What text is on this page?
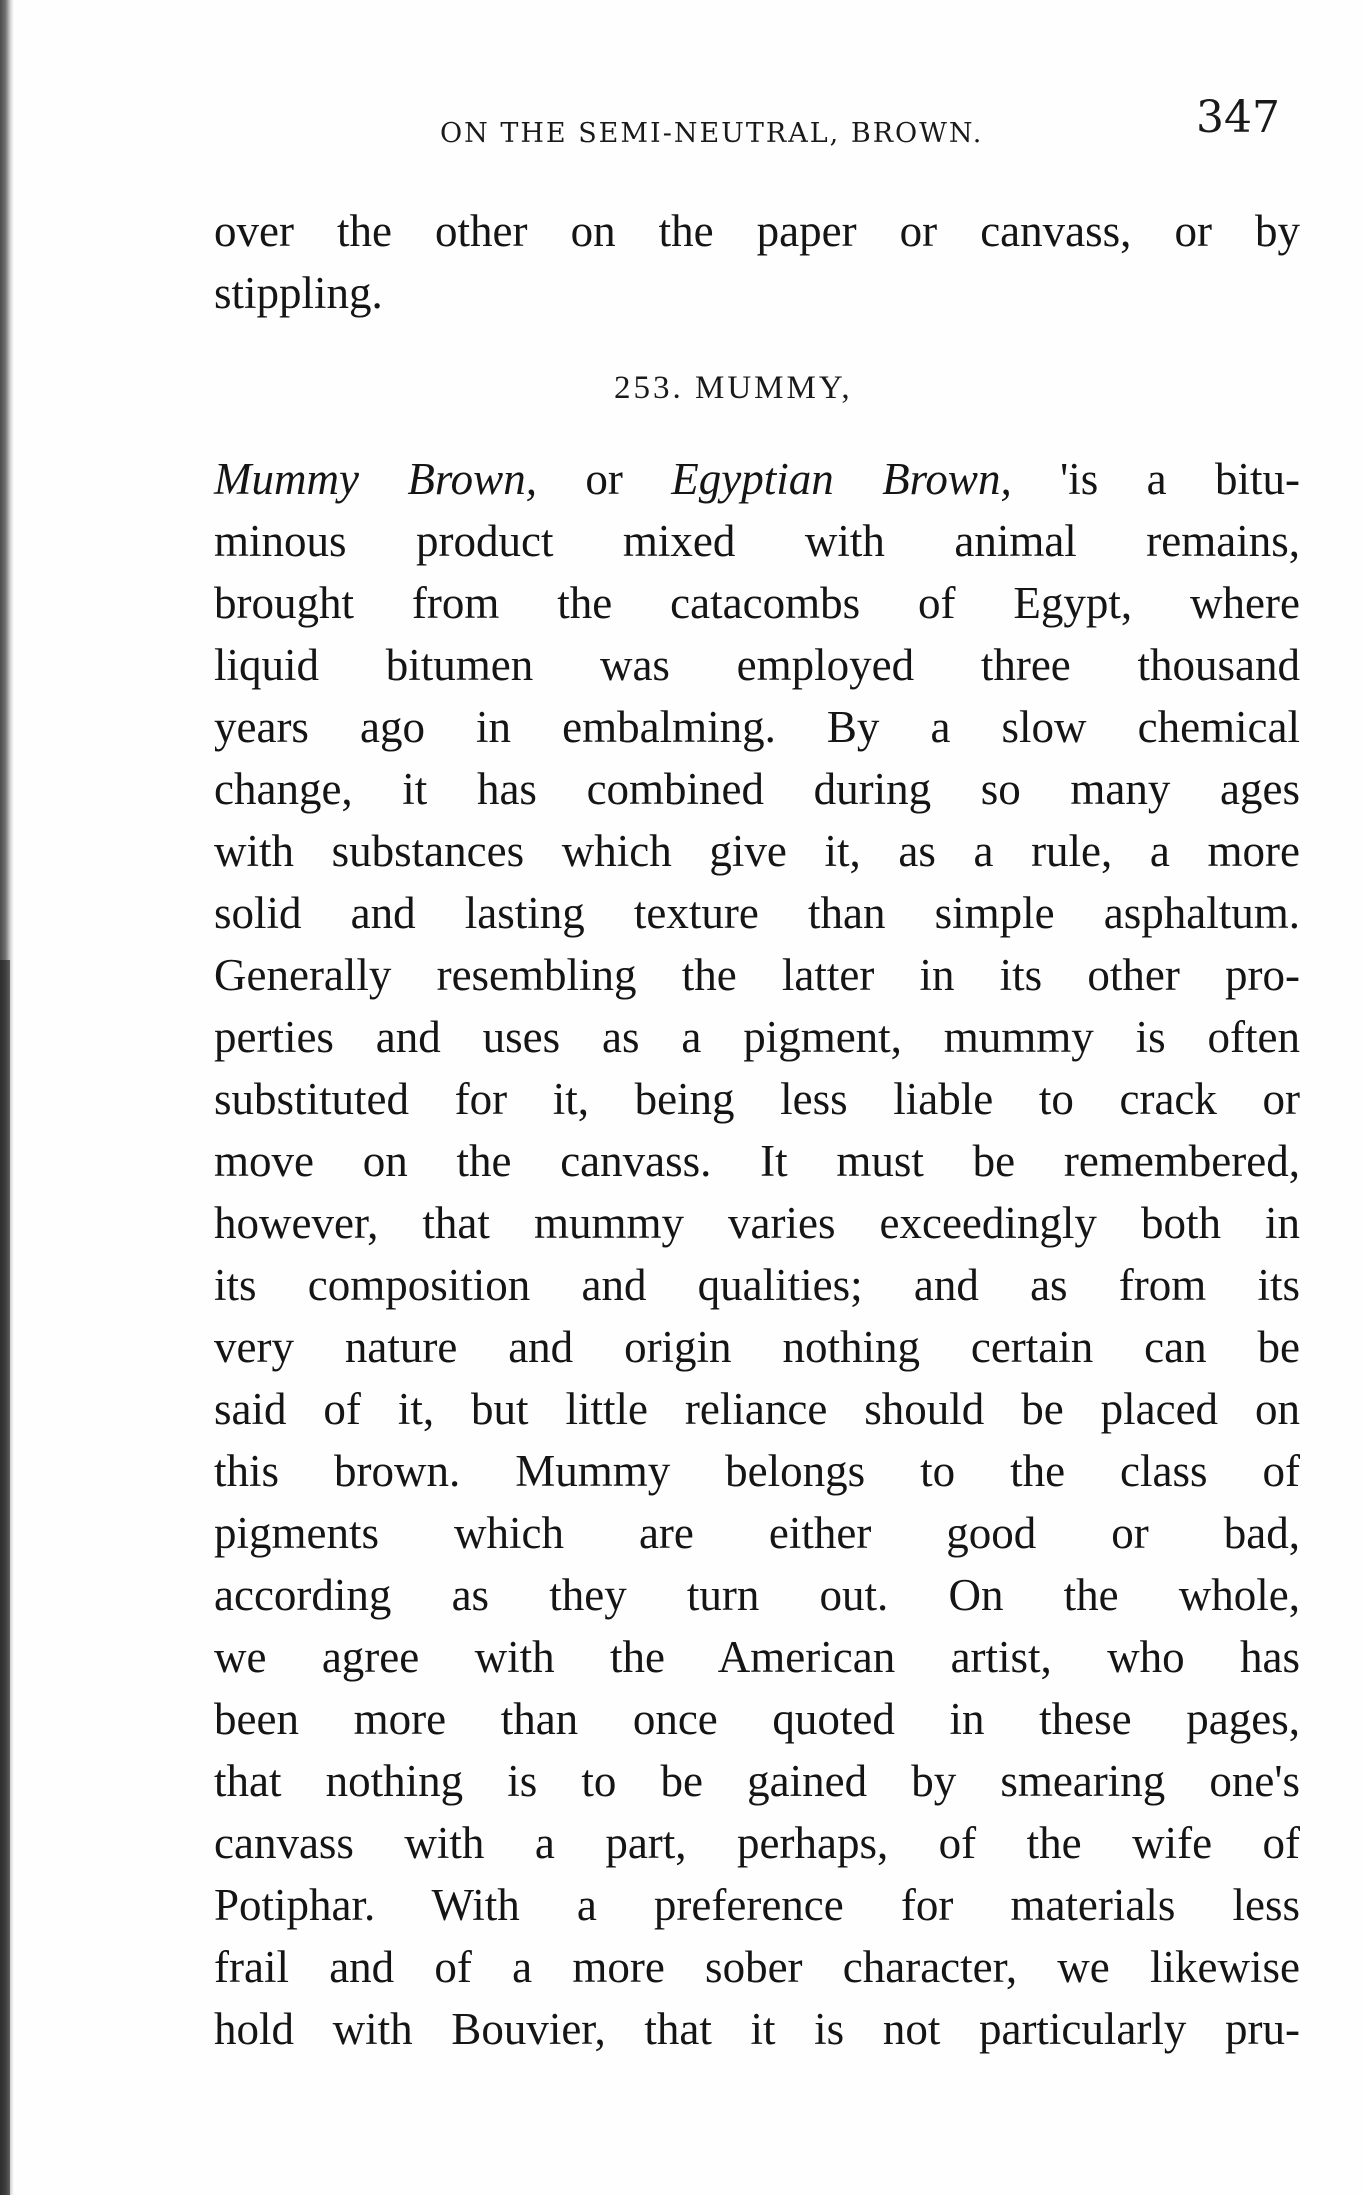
ON THE SEMI-NEUTRAL, BROWN.	347
over the other on the paper or canvass, or by
stippling.
253. MUMMY,
Mummy Brown, or Egyptian Brown, 'is a bitu-
minous product mixed with animal remains,
brought from the catacombs of Egypt, where
liquid bitumen was employed three thousand
years ago in embalming. By a slow chemical
change, it has combined during so many ages
with substances which give it, as a rule, a more
solid and lasting texture than simple asphaltum.
Generally resembling the latter in its other pro-
perties and uses as a pigment, mummy is often
substituted for it, being less liable to crack or
move on the canvass. It must be remembered,
however, that mummy varies exceedingly both in
its composition and qualities; and as from its
very nature and origin nothing certain can be
said of it, but little reliance should be placed on
this brown. Mummy belongs to the class of
pigments which are either good or bad,
according as they turn out. On the whole,
we agree with the American artist, who has
been more than once quoted in these pages,
that nothing is to be gained by smearing one's
canvass with a part, perhaps, of the wife of
Potiphar. With a preference for materials less
frail and of a more sober character, we likewise
hold with Bouvier, that it is not particularly pru-
